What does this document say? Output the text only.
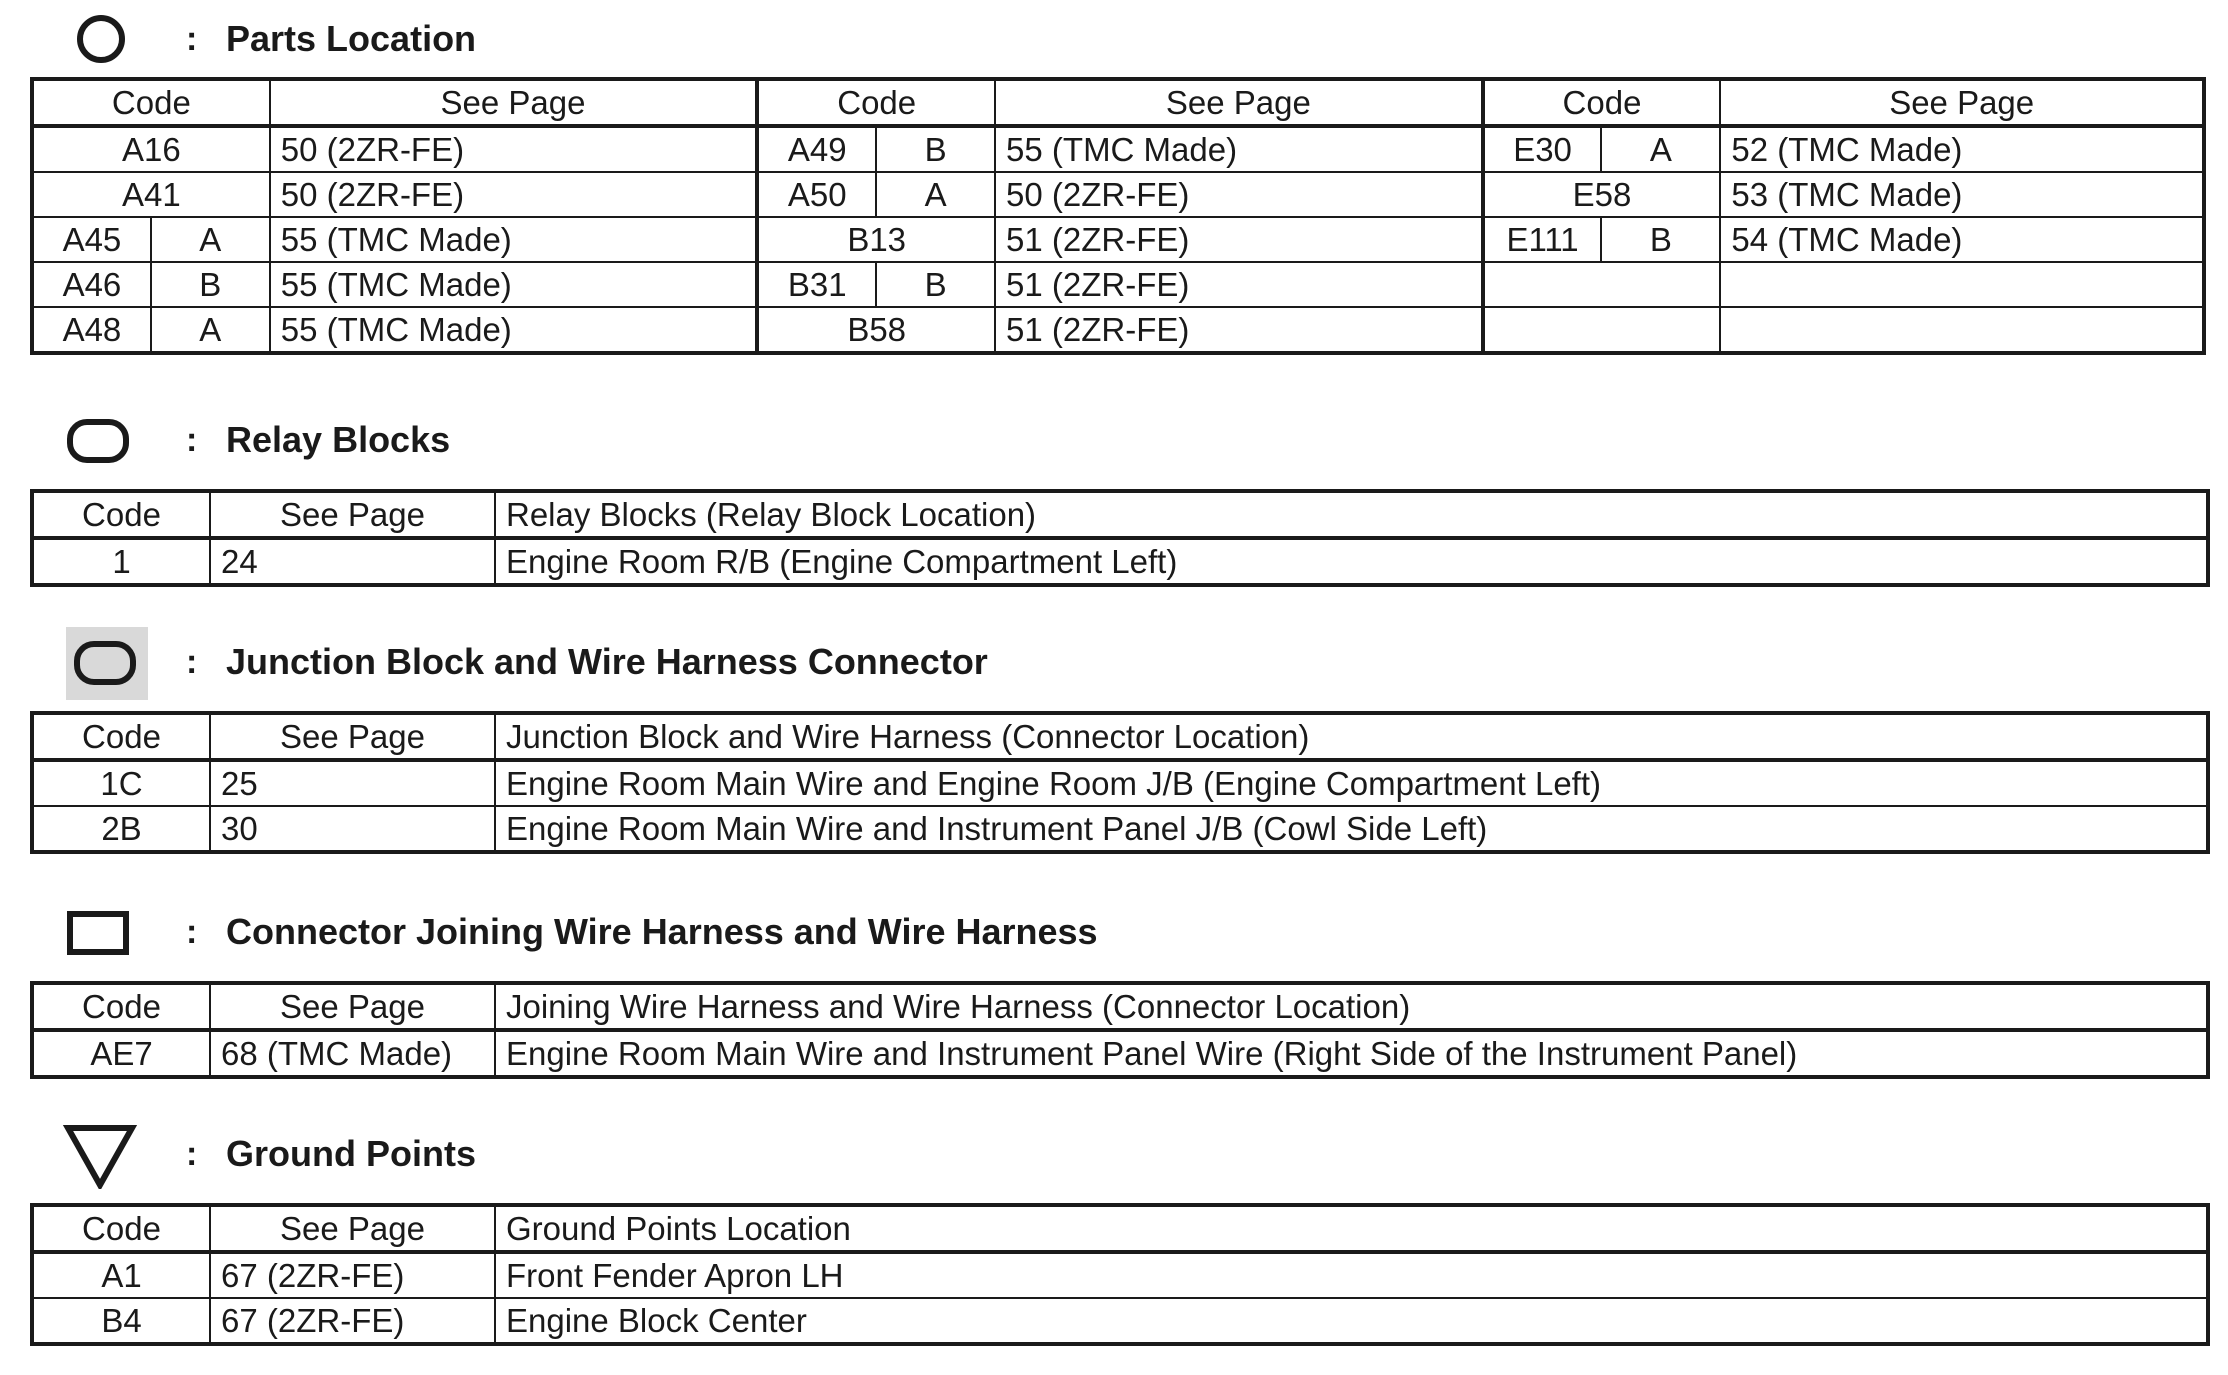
: Parts Location
Code		See Page	Code		See Page	Code		See Page
A16		50 (2ZR-FE)	A49	B	55 (TMC Made)	E30	A	52 (TMC Made)
A41		50 (2ZR-FE)	A50	A	50 (2ZR-FE)	E58		53 (TMC Made)
A45	A	55 (TMC Made)	B13		51 (2ZR-FE)	E111	B	54 (TMC Made)
A46	B	55 (TMC Made)	B31	B	51 (2ZR-FE)			
A48	A	55 (TMC Made)	B58		51 (2ZR-FE)			
: Relay Blocks
Code	See Page	Relay Blocks (Relay Block Location)
1	24	Engine Room R/B (Engine Compartment Left)
: Junction Block and Wire Harness Connector
Code	See Page	Junction Block and Wire Harness (Connector Location)
1C	25	Engine Room Main Wire and Engine Room J/B (Engine Compartment Left)
2B	30	Engine Room Main Wire and Instrument Panel J/B (Cowl Side Left)
: Connector Joining Wire Harness and Wire Harness
Code	See Page	Joining Wire Harness and Wire Harness (Connector Location)
AE7	68 (TMC Made)	Engine Room Main Wire and Instrument Panel Wire (Right Side of the Instrument Panel)
: Ground Points
Code	See Page	Ground Points Location
A1	67 (2ZR-FE)	Front Fender Apron LH
B4	67 (2ZR-FE)	Engine Block Center
